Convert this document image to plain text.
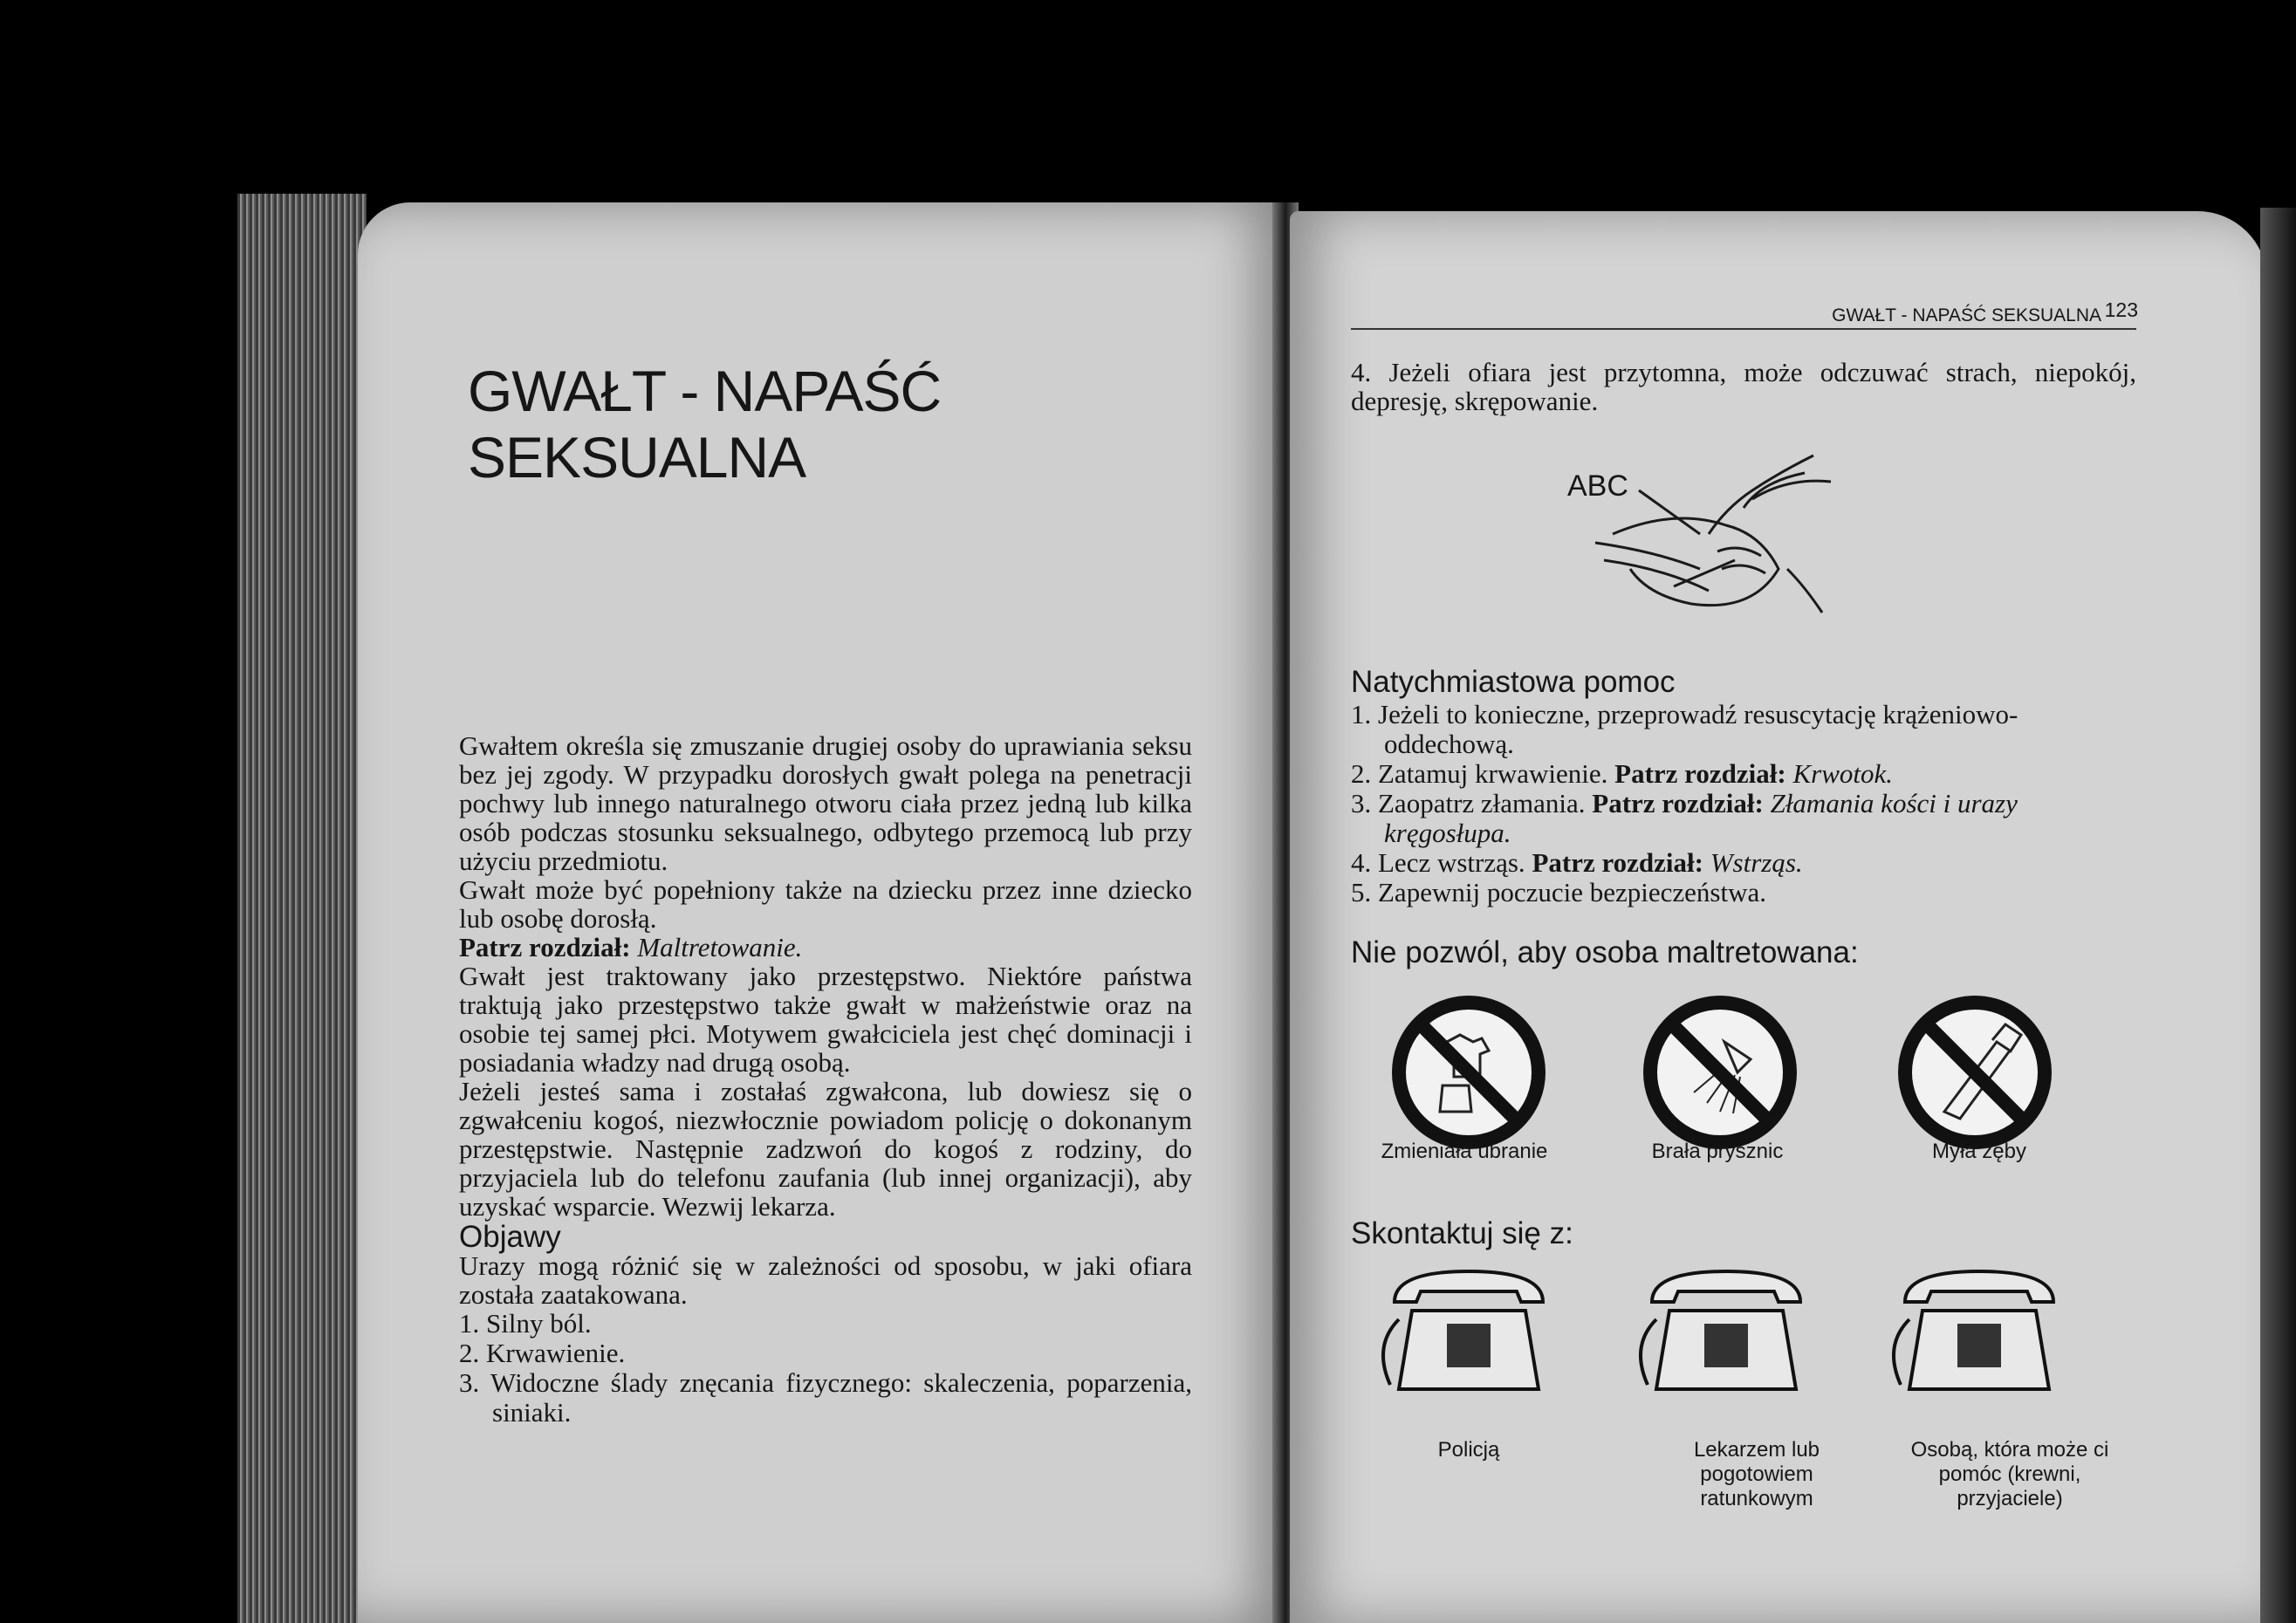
GWAŁT - NAPAŚĆ SEKSUALNA

Gwałtem określa się zmuszanie drugiej osoby do uprawiania seksu bez jej zgody. W przypadku dorosłych gwałt polega na penetracji pochwy lub innego naturalnego otworu ciała przez jedną lub kilka osób podczas stosunku seksualnego, odbytego przemocą lub przy użyciu przedmiotu.

Gwałt może być popełniony także na dziecku przez inne dziecko lub osobę dorosłą.

Patrz rozdział: Maltretowanie.

Gwałt jest traktowany jako przestępstwo. Niektóre państwa traktują jako przestępstwo także gwałt w małżeństwie oraz na osobie tej samej płci. Motywem gwałciciela jest chęć dominacji i posiadania władzy nad drugą osobą.

Jeżeli jesteś sama i zostałaś zgwałcona, lub dowiesz się o zgwałceniu kogoś, niezwłocznie powiadom policję o dokonanym przestępstwie. Następnie zadzwoń do kogoś z rodziny, do przyjaciela lub do telefonu zaufania (lub innej organizacji), aby uzyskać wsparcie. Wezwij lekarza.

Objawy

Urazy mogą różnić się w zależności od sposobu, w jaki ofiara została zaatakowana.

1. Silny ból.
2. Krwawienie.
3. Widoczne ślady znęcania fizycznego: skaleczenia, poparzenia, siniaki.
GWAŁT - NAPAŚĆ SEKSUALNA 123
4. Jeżeli ofiara jest przytomna, może odczuwać strach, niepokój, depresję, skrępowanie.
ABC
Natychmiastowa pomoc
1. Jeżeli to konieczne, przeprowadź resuscytację krążeniowo-oddechową.
2. Zatamuj krwawienie. Patrz rozdział: Krwotok.
3. Zaopatrz złamania. Patrz rozdział: Złamania kości i urazy kręgosłupa.
4. Lecz wstrząs. Patrz rozdział: Wstrząs.
5. Zapewnij poczucie bezpieczeństwa.
Nie pozwól, aby osoba maltretowana:
Zmieniała ubranie	Brała prysznic	Myła zęby
Skontaktuj się z:
Policją	Lekarzem lub pogotowiem ratunkowym
Osobą, która może ci pomóc (krewni, przyjaciele)
